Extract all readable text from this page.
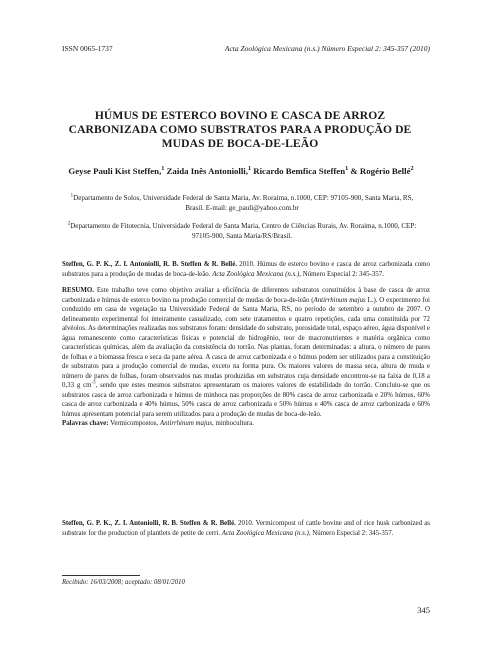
ISSN 0065-1737	Acta Zoológica Mexicana (n.s.) Número Especial 2: 345-357 (2010)
HÚMUS DE ESTERCO BOVINO E CASCA DE ARROZ CARBONIZADA COMO SUBSTRATOS PARA A PRODUÇÃO DE MUDAS DE BOCA-DE-LEÃO
Geyse Pauli Kist Steffen,$^1$ Zaida Inês Antoniolli,$^1$ Ricardo Bemfica Steffen$^1$ & Rogério Bellé$^2$
$^1$Departamento de Solos, Universidade Federal de Santa Maria, Av. Roraima, n.1000, CEP: 97105-900, Santa Maria, RS, Brasil. E-mail: ge_pauli@yahoo.com.br
$^2$Departamento de Fitotecnia, Universidade Federal de Santa Maria, Centro de Ciências Rurais, Av. Roraima, n.1000, CEP: 97105-900, Santa Maria/RS/Brasil.
Steffen, G. P. K., Z. I. Antoniolli, R. B. Steffen & R. Bellé. 2010. Húmus de esterco bovino e casca de arroz carbonizada como substratos para a produção de mudas de boca-de-leão. Acta Zoológica Mexicana (n.s.), Número Especial 2: 345-357.
RESUMO. Este trabalho teve como objetivo avaliar a eficiência de diferentes substratos constituídos à base de casca de arroz carbonizada e húmus de esterco bovino na produção comercial de mudas de boca-de-leão (Antirrhinum majus L.). O experimento foi conduzido em casa de vegetação na Universidade Federal de Santa Maria, RS, no período de setembro a outubro de 2007. O delineamento experimental foi inteiramente casualizado, com sete tratamentos e quatro repetições, cada uma constituída por 72 alvéolos. As determinações realizadas nos substratos foram: densidade do substrato, porosidade total, espaço aéreo, água disponível e água remanescente como características físicas e potencial de hidrogênio, teor de macronutrientes e matéria orgânica como características químicas, além da avaliação da consistência do torrão. Nas plantas, foram determinadas: a altura, o número de pares de folhas e a biomassa fresca e seca da parte aérea. A casca de arroz carbonizada e o húmus podem ser utilizados para a constituição de substratos para a produção comercial de mudas, exceto na forma pura. Os maiores valores de massa seca, altura de muda e número de pares de folhas, foram observados nas mudas produzidas em substratos cuja densidade encontrou-se na faixa de 0,18 a 0,33 g $cm^{-3}$, sendo que estes mesmos substratos apresentaram os maiores valores de estabilidade do torrão. Concluiu-se que os substratos casca de arroz carbonizada e húmus de minhoca nas proporções de 80% casca de arroz carbonizada e 20% húmus, 60% casca de arroz carbonizada e 40% húmus, 50% casca de arroz carbonizada e 50% húmus e 40% casca de arroz carbonizada e 60% húmus apresentam potencial para serem utilizados para a produção de mudas de boca-de-leão.
Palavras chave: Vermicompostos, Antirrhinum majus, minhocultura.
Steffen, G. P. K., Z. I. Antoniolli, R. B. Steffen & R. Bellé. 2010. Vermicompost of cattle bovine and of rice husk carbonized as substrate for the production of plantlets de petite de cerri. Acta Zoológica Mexicana (n.s.), Número Especial 2: 345-357.
Recibido: 16/03/2008; aceptado: 08/01/2010
345
